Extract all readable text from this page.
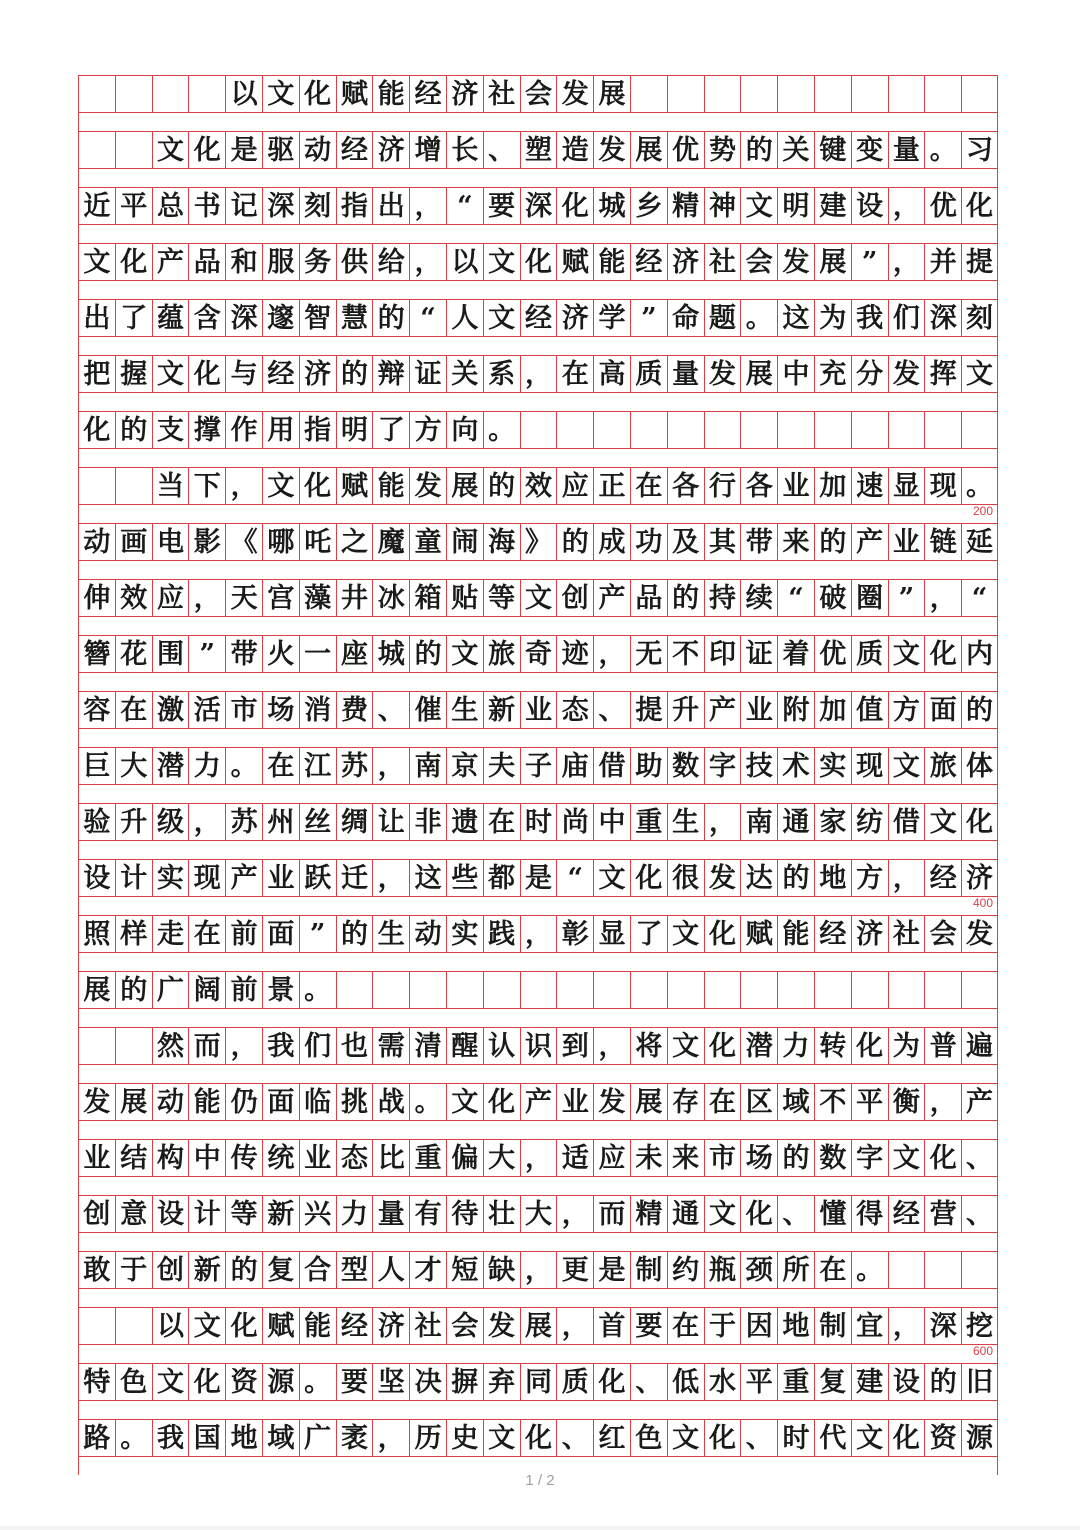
以 文 化 赋 能 经 济 社 会 发 展
文 化 是 驱 动 经 济 增 长 、 塑 造 发 展 优 势 的 关 键 变 量 。 习
近 平 总 书 记 深 刻 指 出 ， “ 要 深 化 城 乡 精 神 文 明 建 设 ， 优 化
文 化 产 品 和 服 务 供 给 ， 以 文 化 赋 能 经 济 社 会 发 展 ” ， 并 提
出 了 蕴 含 深 邃 智 慧 的 “ 人 文 经 济 学 ” 命 题 。 这 为 我 们 深 刻
把 握 文 化 与 经 济 的 辩 证 关 系 ， 在 高 质 量 发 展 中 充 分 发 挥 文
化 的 支 撑 作 用 指 明 了 方 向 。
当 下 ， 文 化 赋 能 发 展 的 效 应 正 在 各 行 各 业 加 速 显 现 。
200
动 画 电 影 《 哪 吒 之 魔 童 闹 海 》 的 成 功 及 其 带 来 的 产 业 链 延
伸 效 应 ， 天 宫 藻 井 冰 箱 贴 等 文 创 产 品 的 持 续 “ 破 圈 ” ， “
簪 花 围 ” 带 火 一 座 城 的 文 旅 奇 迹 ， 无 不 印 证 着 优 质 文 化 内
容 在 激 活 市 场 消 费 、 催 生 新 业 态 、 提 升 产 业 附 加 值 方 面 的
巨 大 潜 力 。 在 江 苏 ， 南 京 夫 子 庙 借 助 数 字 技 术 实 现 文 旅 体
验 升 级 ， 苏 州 丝 绸 让 非 遗 在 时 尚 中 重 生 ， 南 通 家 纺 借 文 化
设 计 实 现 产 业 跃 迁 ， 这 些 都 是 “ 文 化 很 发 达 的 地 方 ， 经 济
400
照 样 走 在 前 面 ” 的 生 动 实 践 ， 彰 显 了 文 化 赋 能 经 济 社 会 发
展 的 广 阔 前 景 。
然 而 ， 我 们 也 需 清 醒 认 识 到 ， 将 文 化 潜 力 转 化 为 普 遍
发 展 动 能 仍 面 临 挑 战 。 文 化 产 业 发 展 存 在 区 域 不 平 衡 ， 产
业 结 构 中 传 统 业 态 比 重 偏 大 ， 适 应 未 来 市 场 的 数 字 文 化 、
创 意 设 计 等 新 兴 力 量 有 待 壮 大 ， 而 精 通 文 化 、 懂 得 经 营 、
敢 于 创 新 的 复 合 型 人 才 短 缺 ， 更 是 制 约 瓶 颈 所 在 。
以 文 化 赋 能 经 济 社 会 发 展 ， 首 要 在 于 因 地 制 宜 ， 深 挖
600
特 色 文 化 资 源 。 要 坚 决 摒 弃 同 质 化 、 低 水 平 重 复 建 设 的 旧
路 。 我 国 地 域 广 袤 ， 历 史 文 化 、 红 色 文 化 、 时 代 文 化 资 源
1 / 2
